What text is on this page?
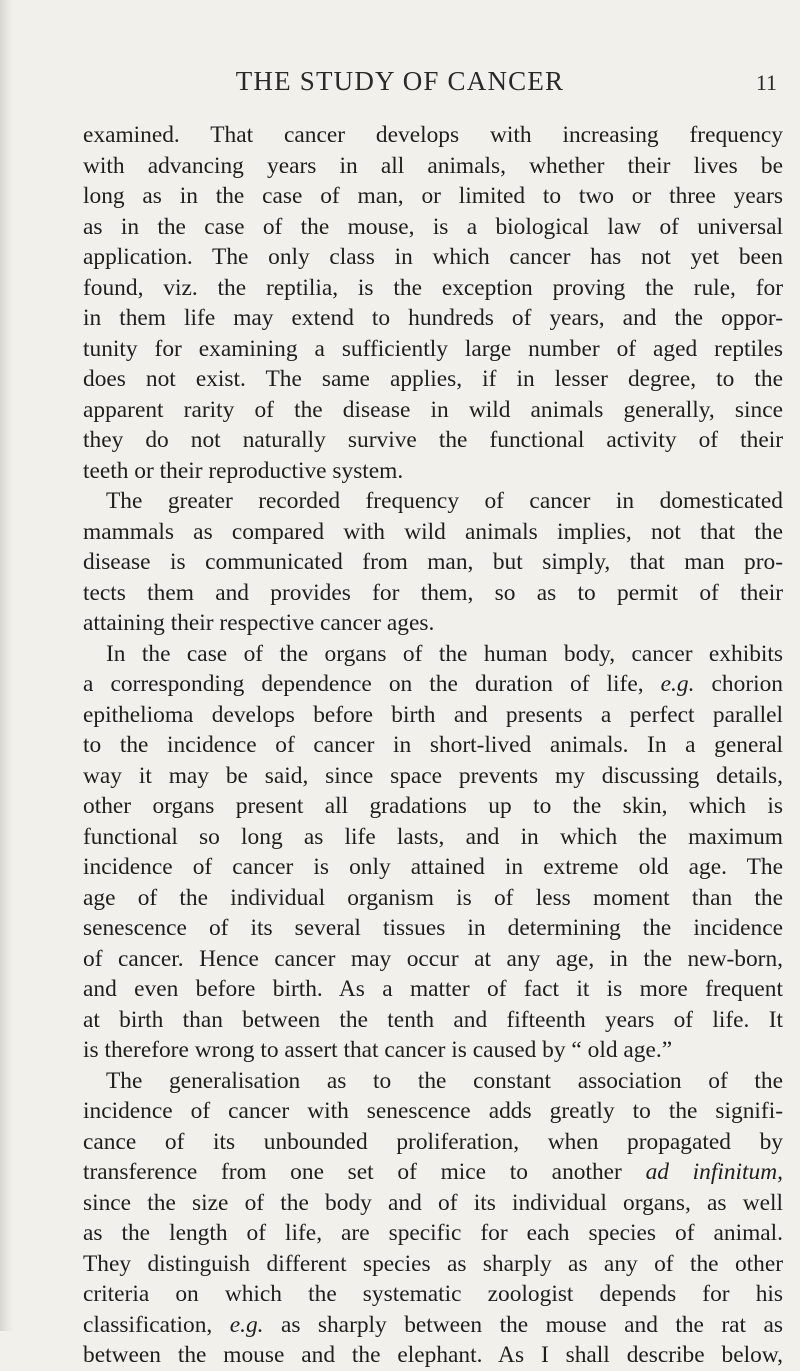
THE STUDY OF CANCER	11
examined. That cancer develops with increasing frequency
with advancing years in all animals, whether their lives be
long as in the case of man, or limited to two or three years
as in the case of the mouse, is a biological law of universal
application. The only class in which cancer has not yet been
found, viz. the reptilia, is the exception proving the rule, for
in them life may extend to hundreds of years, and the oppor-
tunity for examining a sufficiently large number of aged reptiles
does not exist. The same applies, if in lesser degree, to the
apparent rarity of the disease in wild animals generally, since
they do not naturally survive the functional activity of their
teeth or their reproductive system.
The greater recorded frequency of cancer in domesticated
mammals as compared with wild animals implies, not that the
disease is communicated from man, but simply, that man pro-
tects them and provides for them, so as to permit of their
attaining their respective cancer ages.
In the case of the organs of the human body, cancer exhibits
a corresponding dependence on the duration of life, e.g. chorion
epithelioma develops before birth and presents a perfect parallel
to the incidence of cancer in short-lived animals. In a general
way it may be said, since space prevents my discussing details,
other organs present all gradations up to the skin, which is
functional so long as life lasts, and in which the maximum
incidence of cancer is only attained in extreme old age. The
age of the individual organism is of less moment than the
senescence of its several tissues in determining the incidence
of cancer. Hence cancer may occur at any age, in the new-born,
and even before birth. As a matter of fact it is more frequent
at birth than between the tenth and fifteenth years of life. It
is therefore wrong to assert that cancer is caused by “ old age.”
The generalisation as to the constant association of the
incidence of cancer with senescence adds greatly to the signifi-
cance of its unbounded proliferation, when propagated by
transference from one set of mice to another ad infinitum,
since the size of the body and of its individual organs, as well
as the length of life, are specific for each species of animal.
They distinguish different species as sharply as any of the other
criteria on which the systematic zoologist depends for his
classification, e.g. as sharply between the mouse and the rat as
between the mouse and the elephant. As I shall describe below,
